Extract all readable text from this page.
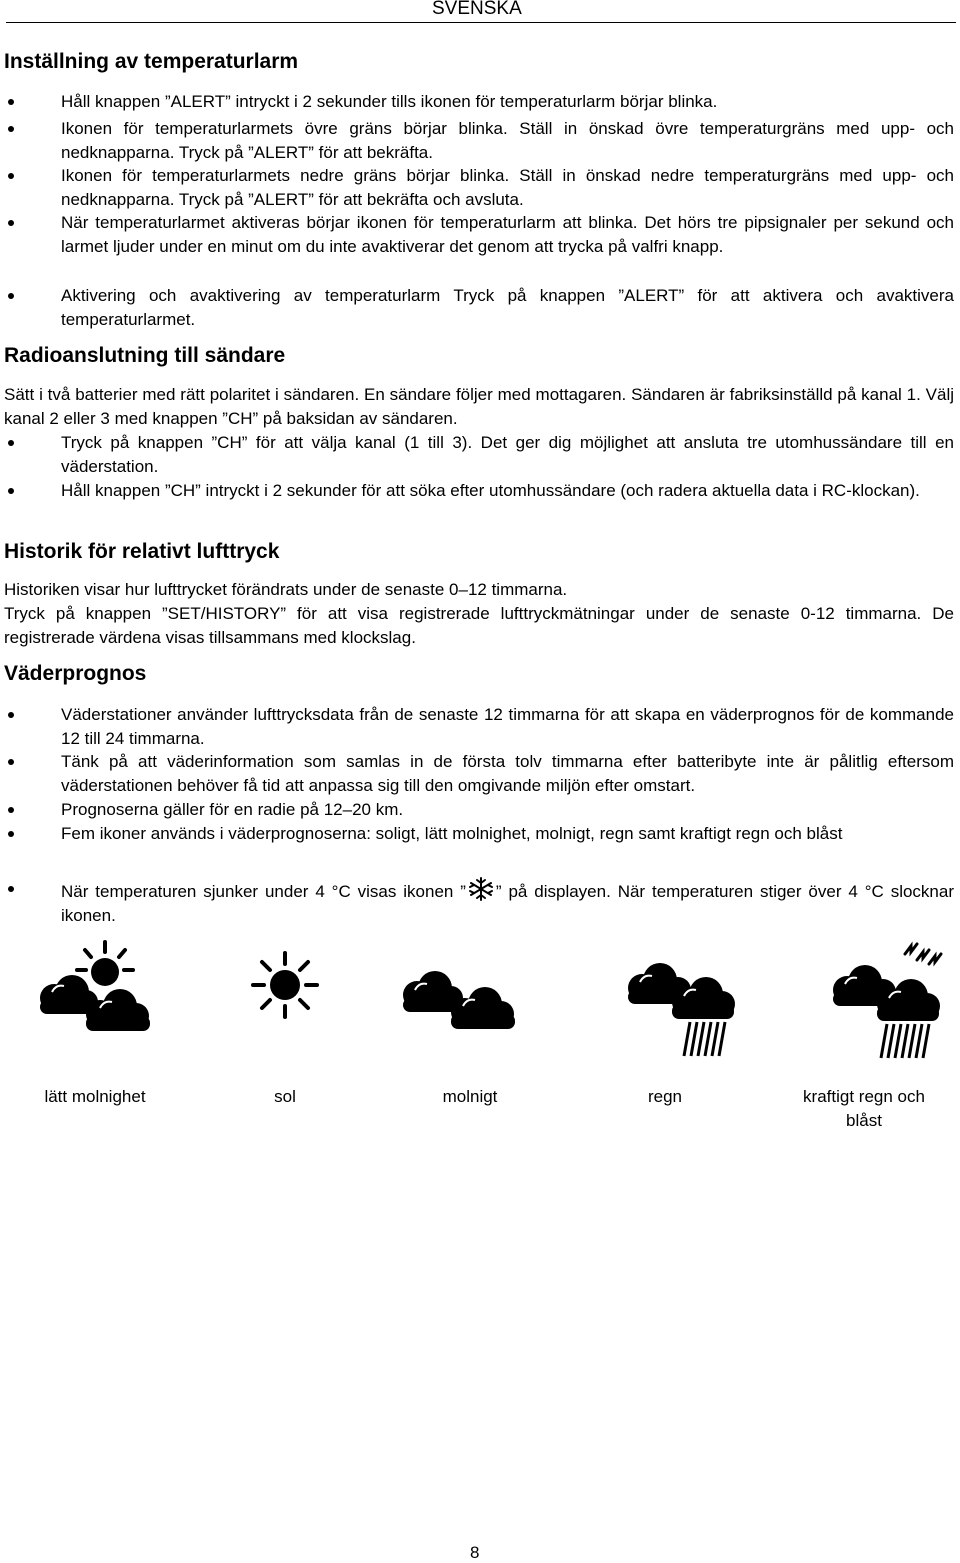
SVENSKA
Inställning av temperaturlarm

Håll knappen ”ALERT” intryckt i 2 sekunder tills ikonen för temperaturlarm börjar blinka.

Ikonen för temperaturlarmets övre gräns börjar blinka. Ställ in önskad övre temperaturgräns med upp- och nedknapparna. Tryck på ”ALERT” för att bekräfta.

Ikonen för temperaturlarmets nedre gräns börjar blinka. Ställ in önskad nedre temperaturgräns med upp- och nedknapparna. Tryck på ”ALERT” för att bekräfta och avsluta.

När temperaturlarmet aktiveras börjar ikonen för temperaturlarm att blinka. Det hörs tre pipsignaler per sekund och larmet ljuder under en minut om du inte avaktiverar det genom att trycka på valfri knapp.

Aktivering och avaktivering av temperaturlarm Tryck på knappen ”ALERT” för att aktivera och avaktivera temperaturlarmet.

Radioanslutning till sändare

Sätt i två batterier med rätt polaritet i sändaren. En sändare följer med mottagaren. Sändaren är fabriksinställd på kanal 1. Välj kanal 2 eller 3 med knappen ”CH” på baksidan av sändaren.

Tryck på knappen ”CH” för att välja kanal (1 till 3). Det ger dig möjlighet att ansluta tre utomhussändare till en väderstation.

Håll knappen ”CH” intryckt i 2 sekunder för att söka efter utomhussändare (och radera aktuella data i RC-klockan).

Historik för relativt lufttryck

Historiken visar hur lufttrycket förändrats under de senaste 0–12 timmarna.

Tryck på knappen ”SET/HISTORY” för att visa registrerade lufttryckmätningar under de senaste 0-12 timmarna. De registrerade värdena visas tillsammans med klockslag.

Väderprognos

Väderstationer använder lufttrycksdata från de senaste 12 timmarna för att skapa en väderprognos för de kommande 12 till 24 timmarna.

Tänk på att väderinformation som samlas in de första tolv timmarna efter batteribyte inte är pålitlig eftersom väderstationen behöver få tid att anpassa sig till den omgivande miljön efter omstart.

Prognoserna gäller för en radie på 12–20 km.

Fem ikoner används i väderprognoserna: soligt, lätt molnighet, molnigt, regn samt kraftigt regn och blåst

När temperaturen sjunker under 4 °C visas ikonen ” ” på displayen. När temperaturen stiger över 4 °C slocknar ikonen.

lätt molnighet	sol	molnigt	regn	kraftigt regn och blåst
8
